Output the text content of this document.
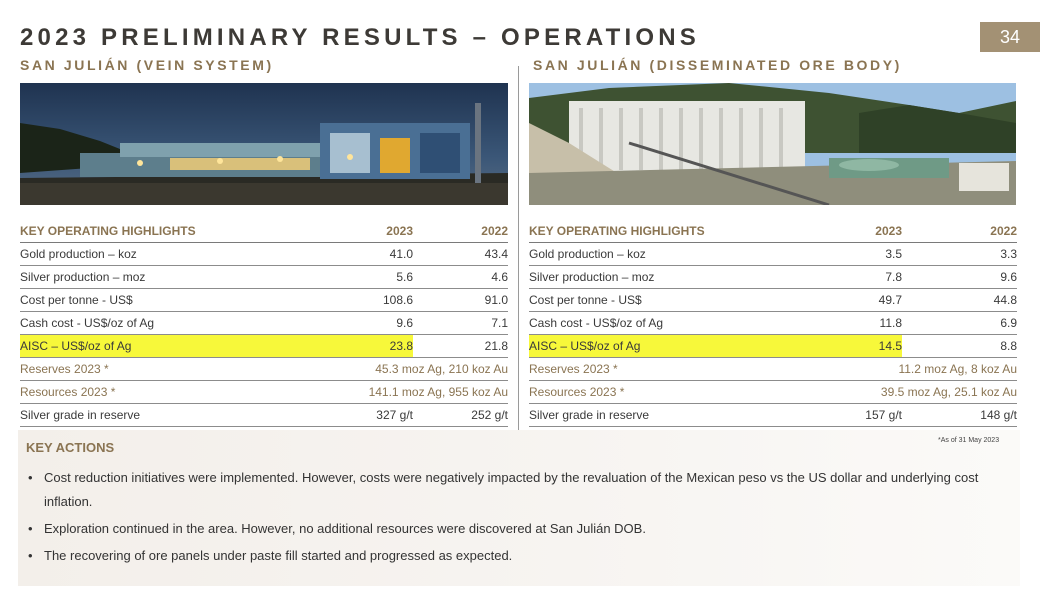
2023 PRELIMINARY RESULTS – OPERATIONS	34
SAN JULIÁN (VEIN SYSTEM)	SAN JULIÁN (DISSEMINATED ORE BODY)
KEY OPERATING HIGHLIGHTS	2023	2022
Gold production – koz	41.0	43.4
Silver production – moz	5.6	4.6
Cost per tonne - US$	108.6	91.0
Cash cost - US$/oz of Ag	9.6	7.1
AISC – US$/oz of Ag	23.8	21.8
Reserves 2023 *	45.3 moz Ag, 210 koz Au	
Resources 2023 *	141.1 moz Ag, 955 koz Au	
Silver grade in reserve	327 g/t	252 g/t
KEY OPERATING HIGHLIGHTS	2023	2022
Gold production – koz	3.5	3.3
Silver production – moz	7.8	9.6
Cost per tonne - US$	49.7	44.8
Cash cost - US$/oz of Ag	11.8	6.9
AISC – US$/oz of Ag	14.5	8.8
Reserves 2023 *	11.2 moz Ag, 8 koz Au	
Resources 2023 *	39.5 moz Ag, 25.1 koz Au	
Silver grade in reserve	157 g/t	148 g/t
KEY ACTIONS
• Cost reduction initiatives were implemented. However, costs were negatively impacted by the revaluation of the Mexican peso vs the US dollar and underlying cost inflation.
• Exploration continued in the area. However, no additional resources were discovered at San Julián DOB.
• The recovering of ore panels under paste fill started and progressed as expected.
*As of 31 May 2023
